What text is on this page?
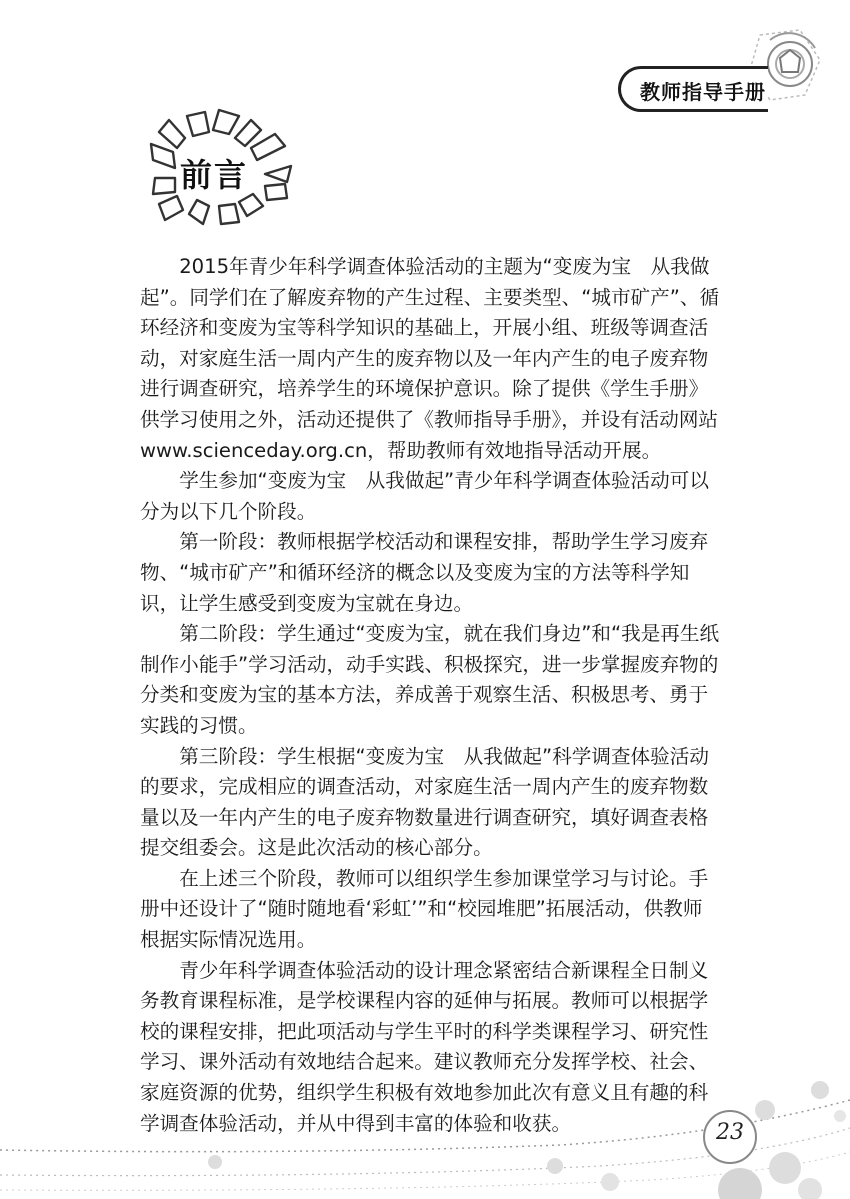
教师指导手册
前言

2015年青少年科学调查体验活动的主题为“变废为宝　从我做起”。同学们在了解废弃物的产生过程、主要类型、“城市矿产”、循环经济和变废为宝等科学知识的基础上，开展小组、班级等调查活动，对家庭生活一周内产生的废弃物以及一年内产生的电子废弃物进行调查研究，培养学生的环境保护意识。除了提供《学生手册》供学习使用之外，活动还提供了《教师指导手册》，并设有活动网站www.scienceday.org.cn，帮助教师有效地指导活动开展。

学生参加“变废为宝　从我做起”青少年科学调查体验活动可以分为以下几个阶段。

第一阶段：教师根据学校活动和课程安排，帮助学生学习废弃物、“城市矿产”和循环经济的概念以及变废为宝的方法等科学知识，让学生感受到变废为宝就在身边。

第二阶段：学生通过“变废为宝，就在我们身边”和“我是再生纸制作小能手”学习活动，动手实践、积极探究，进一步掌握废弃物的分类和变废为宝的基本方法，养成善于观察生活、积极思考、勇于实践的习惯。

第三阶段：学生根据“变废为宝　从我做起”科学调查体验活动的要求，完成相应的调查活动，对家庭生活一周内产生的废弃物数量以及一年内产生的电子废弃物数量进行调查研究，填好调查表格提交组委会。这是此次活动的核心部分。

在上述三个阶段，教师可以组织学生参加课堂学习与讨论。手册中还设计了“随时随地看‘彩虹’”和“校园堆肥”拓展活动，供教师根据实际情况选用。

青少年科学调查体验活动的设计理念紧密结合新课程全日制义务教育课程标准，是学校课程内容的延伸与拓展。教师可以根据学校的课程安排，把此项活动与学生平时的科学类课程学习、研究性学习、课外活动有效地结合起来。建议教师充分发挥学校、社会、家庭资源的优势，组织学生积极有效地参加此次有意义且有趣的科学调查体验活动，并从中得到丰富的体验和收获。	23
